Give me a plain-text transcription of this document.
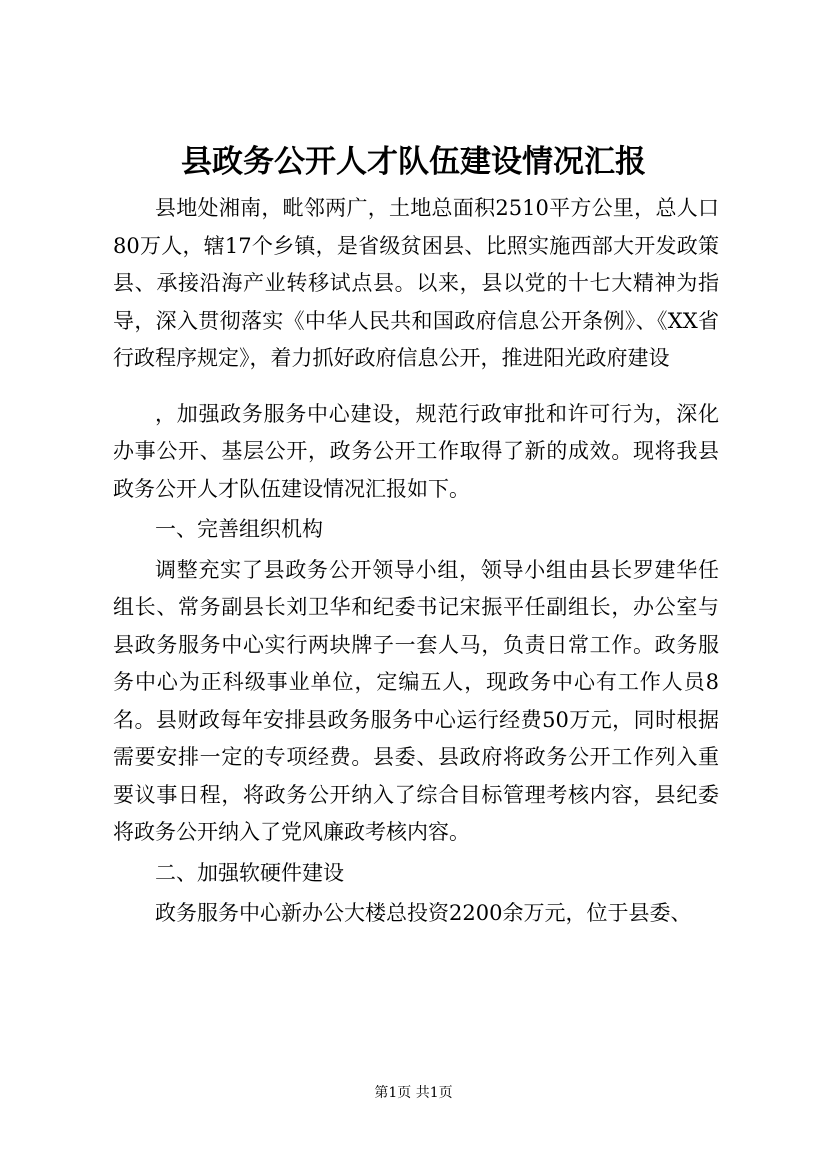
县政务公开人才队伍建设情况汇报

县地处湘南，毗邻两广，土地总面积2510平方公里，总人口80万人，辖17个乡镇，是省级贫困县、比照实施西部大开发政策县、承接沿海产业转移试点县。以来，县以党的十七大精神为指导，深入贯彻落实《中华人民共和国政府信息公开条例》、《XX省行政程序规定》，着力抓好政府信息公开，推进阳光政府建设

，加强政务服务中心建设，规范行政审批和许可行为，深化办事公开、基层公开，政务公开工作取得了新的成效。现将我县政务公开人才队伍建设情况汇报如下。

一、完善组织机构

调整充实了县政务公开领导小组，领导小组由县长罗建华任组长、常务副县长刘卫华和纪委书记宋振平任副组长，办公室与县政务服务中心实行两块牌子一套人马，负责日常工作。政务服务中心为正科级事业单位，定编五人，现政务中心有工作人员8名。县财政每年安排县政务服务中心运行经费50万元，同时根据需要安排一定的专项经费。县委、县政府将政务公开工作列入重要议事日程，将政务公开纳入了综合目标管理考核内容，县纪委将政务公开纳入了党风廉政考核内容。

二、加强软硬件建设

政务服务中心新办公大楼总投资2200余万元，位于县委、

第1页 共1页
